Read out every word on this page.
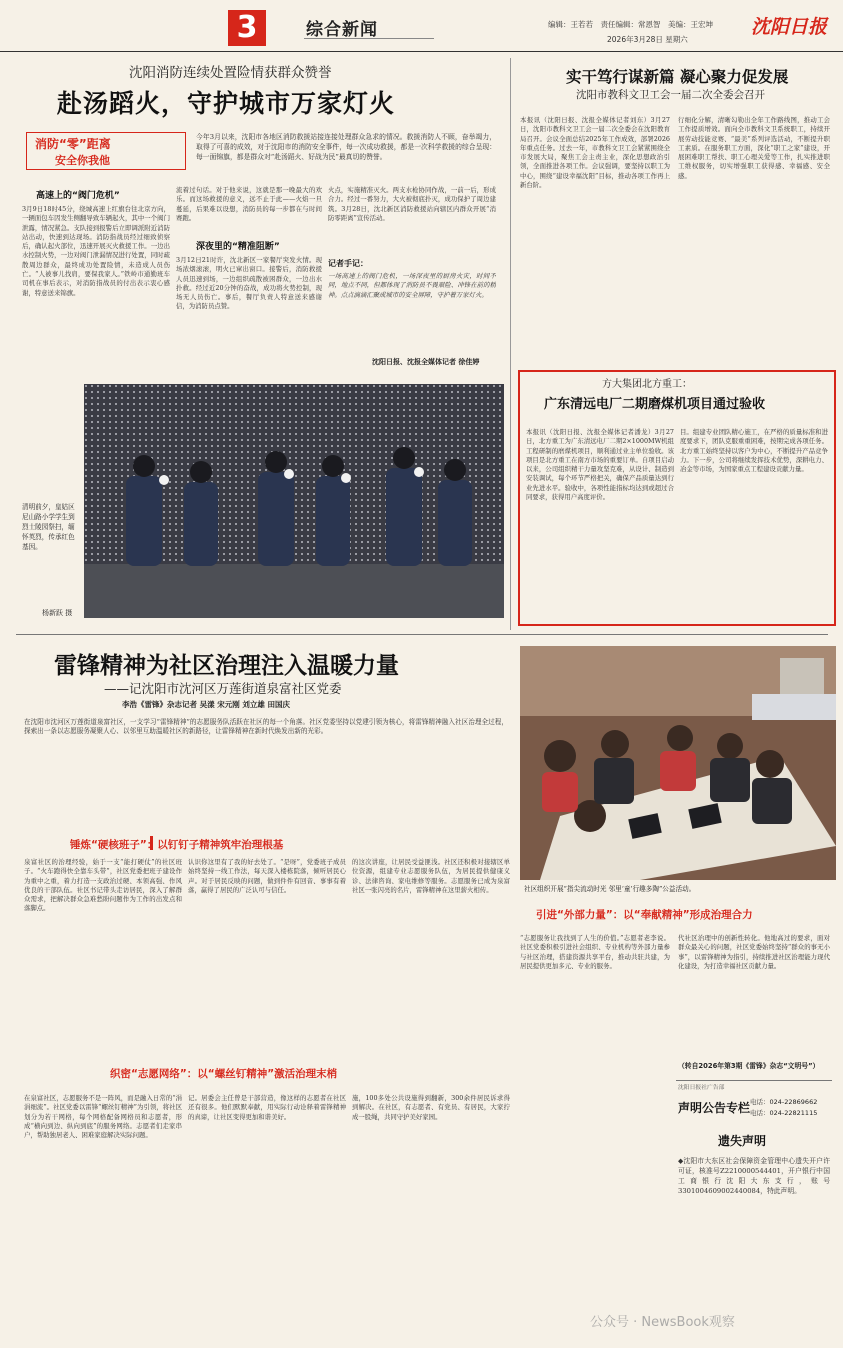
3	综合新闻	编辑：王若若　责任编辑：常恩智　美编：王宏坤
2026年3月28日 星期六
沈阳日报
沈阳消防连续处置险情获群众赞誉
赴汤蹈火，守护城市万家灯火
消防“零”距离
安全你我他
今年3月以来，沈阳市各地区消防救援站接连接处理群众急求的情况。救援消防人不顾，奋举竭力，取得了可喜的成效，对于沈阳市的消防安全事件，每一次成功救援，都是一次科学救援的综合呈现：每一面锦旗，都是群众对“赴汤蹈火、好战为民”最真切的赞誉。
高速上的“阀门危机”
3月9日18时45分，绕城高速上红旗台往北京方向，一辆面包车因发生侧翻导致车辆起火，其中一个阀门泄露，情况紧急。支队接到报警后立即调派附近消防站出动，快速到达现场。消防指战员经过细致侦察后，确认起火部位，迅速开展灭火救援工作。一边出水控制火势，一边对阀门泄漏情况进行处置，同时疏散周边群众，最终成功处置险情，未造成人员伤亡。“人被事儿找肩，要保我家人。”铁岭市通勤班车司机在事后表示，对消防指战员的付出表示衷心感谢，特意送来锦旗。
流着过句话。对于他来说，这就是那一晚最大的欢乐。而这场救援的意义，远不止于此——火焰一旦蔓延，后果难以设想，消防员的每一步都在与时间赛跑。
深夜里的“精准阻断”
3月12日21时许，沈北新区一家餐厅突发火情。现场浓烟滚滚，明火已窜出窗口。接警后，消防救援人员迅速到场，一边组织疏散被困群众，一边出水扑救。经过近20分钟的奋战，成功将火势控制，现场无人员伤亡。事后，餐厅负责人特意送来感谢信，为消防员点赞。
火点，实施精准灭火。两支水枪协同作战，一前一后，形成合力。经过一番努力，大火被彻底扑灭，成功保护了周边建筑。3月28日，沈北新区消防救援站向辖区内群众开展“消防零距离”宣传活动。
记者手记：
一场高速上的阀门危机，一场深夜里的厨房火灾，时间不同，地点不同，但都体现了消防员不畏艰险、冲锋在前的精神。点点滴滴汇聚成城市的安全屏障，守护着万家灯火。
沈阳日报、沈报全媒体记者 徐佳婷
清明前夕，皇姑区尼山路小学学生到烈士陵园祭扫，缅怀英烈，传承红色基因。
杨新跃 摄
实干笃行谋新篇 凝心聚力促发展
沈阳市教科文卫工会一届二次全委会召开
本报讯（沈阳日报、沈报全媒体记者刘东）3月27日，沈阳市教科文卫工会一届二次全委会在沈阳教育局召开。会议全面总结2025年工作成效，部署2026年重点任务。过去一年，市教科文卫工会紧紧围绕全市发展大局，聚焦工会主责主业，深化思想政治引领，全面推进各项工作。会议强调，要坚持以职工为中心，围绕“建设幸福沈阳”目标，推动各项工作再上新台阶。
行细化分解，清晰勾勒出全年工作路线图，推动工会工作提质增效。面向全市教科文卫系统职工，持续开展劳动技能竞赛、“最美”系列评选活动，不断提升职工素质。在服务职工方面，深化“职工之家”建设，开展困难职工帮扶、职工心理关爱等工作，扎实推进职工维权服务，切实增强职工获得感、幸福感、安全感。
方大集团北方重工：
广东清远电厂二期磨煤机项目通过验收
本报讯（沈阳日报、沈报全媒体记者潘龙）3月27日，北方重工为广东清远电厂二期2×1000MW机组工程研制的磨煤机项目，顺利通过业主单位验收。该项目是北方重工在南方市场的重要订单。自项目启动以来，公司组织精干力量攻坚克难，从设计、制造到安装调试，每个环节严格把关，确保产品质量达到行业先进水平。验收中，各项性能指标均达到或超过合同要求，获得用户高度评价。
目。组建专业团队精心施工，在严格的质量标准和进度要求下，团队克服重重困难，按期完成各项任务。北方重工始终坚持以客户为中心，不断提升产品竞争力。下一步，公司将继续发挥技术优势，深耕电力、冶金等市场，为国家重点工程建设贡献力量。
雷锋精神为社区治理注入温暖力量
——记沈阳市沈河区万莲街道泉富社区党委
李浩《雷锋》杂志记者 吴漾 宋元刚 刘立雄 田国庆
在沈阳市沈河区万莲街道泉富社区，一支学习“雷锋精神”的志愿服务队活跃在社区的每一个角落。社区党委坚持以党建引领为核心，将雷锋精神融入社区治理全过程，探索出一条以志愿服务凝聚人心、以邻里互助温暖社区的新路径，让雷锋精神在新时代焕发出新的光彩。
锤炼“硬核班子”：以钉钉子精神筑牢治理根基
泉富社区的治理经验，始于一支“能打硬仗”的社区班子。“火车跑得快全靠车头带”，社区党委把班子建设作为重中之重，着力打造一支政治过硬、本领高强、作风优良的干部队伍。社区书记带头走访居民，深入了解群众需求，把解决群众急难愁盼问题作为工作的出发点和落脚点。
认识你这里有了我的好去处了。“是呀”，党委班子成员始终坚持一线工作法，每天深入楼栋院落，倾听居民心声。对于居民反映的问题，做到件件有回音、事事有着落，赢得了居民的广泛认可与信任。
的这次讲座，让居民受益匪浅。社区还积极对接辖区单位资源，组建专业志愿服务队伍，为居民提供健康义诊、法律咨询、家电维修等服务。志愿服务已成为泉富社区一张闪亮的名片，雷锋精神在这里薪火相传。
织密“志愿网络”：以“螺丝钉精神”激活治理末梢
在泉富社区，志愿服务不是一阵风，而是融入日常的“涓涓细流”。社区党委以雷锋“螺丝钉精神”为引领，将社区划分为若干网格，每个网格配备网格员和志愿者，形成“横向到边、纵向到底”的服务网络。志愿者们走家串户，帮助独居老人、困难家庭解决实际问题。
记。居委会主任曾是干部营造，像这样的志愿者在社区还有很多。他们默默奉献，用实际行动诠释着雷锋精神的真谛，让社区变得更加和谐美好。
施，100多处公共设施得到翻新，300余件居民诉求得到解决。在社区，有志愿者、有党员、有居民，大家拧成一股绳，共同守护美好家园。
社区组织开展“指尖流动时光 邻里‘童’行趣多陶”公益活动。
引进“外部力量”：以“奉献精神”形成治理合力
“志愿服务让我找到了人生的价值。”志愿者老李说。社区党委积极引进社会组织、专业机构等外部力量参与社区治理，搭建资源共享平台，推动共驻共建，为居民提供更加多元、专业的服务。
代社区治理中的创新性转化。他地高过的要求，面对群众最关心的问题，社区党委始终坚持“群众的事无小事”，以雷锋精神为指引，持续推进社区治理能力现代化建设，为打造幸福社区贡献力量。
（转自2026年第3期《雷锋》杂志“文明号”）
沈阳日报社广告部
声明公告专栏 电话：024-22869662
电话：024-22821115
遗失声明
◆沈阳市大东区社会保障资金管理中心遗失开户许可证，核准号Z2210000544401，开户银行中国工商银行沈阳大东支行，账号3301004609002440084，特此声明。
公众号 · NewsBook观察
